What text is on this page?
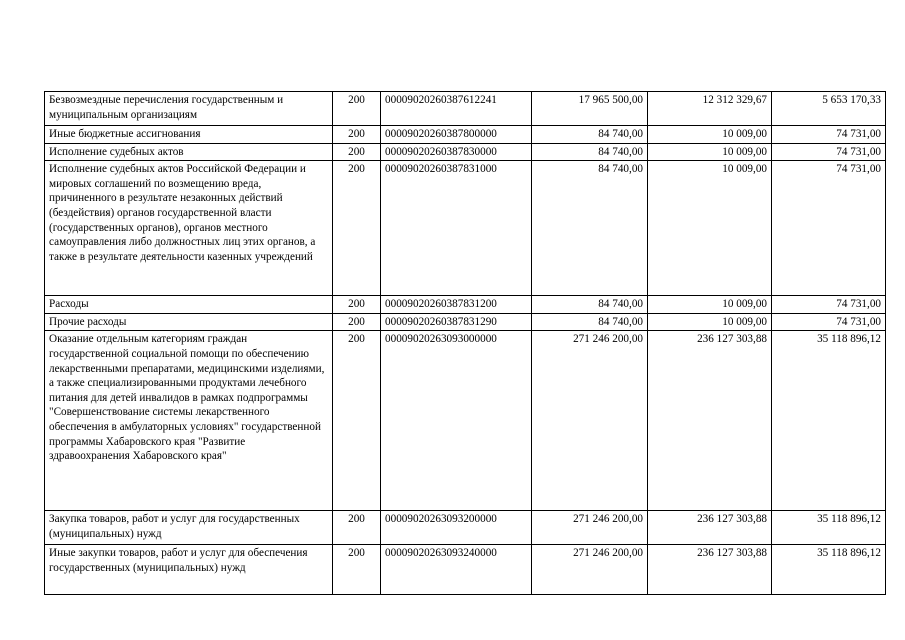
Безвозмездные перечисления государственным и муниципальным организациям	200	00009020260387612241	17 965 500,00	12 312 329,67	5 653 170,33
Иные бюджетные ассигнования	200	00009020260387800000	84 740,00	10 009,00	74 731,00
Исполнение судебных актов	200	00009020260387830000	84 740,00	10 009,00	74 731,00
Исполнение судебных актов Российской Федерации и мировых соглашений по возмещению вреда, причиненного в результате незаконных действий (бездействия) органов государственной власти (государственных органов), органов местного самоуправления либо должностных лиц этих органов, а также в результате деятельности казенных учреждений	200	00009020260387831000	84 740,00	10 009,00	74 731,00
Расходы	200	00009020260387831200	84 740,00	10 009,00	74 731,00
Прочие расходы	200	00009020260387831290	84 740,00	10 009,00	74 731,00
Оказание отдельным категориям граждан государственной социальной помощи по обеспечению лекарственными препаратами, медицинскими изделиями, а также специализированными продуктами лечебного питания для детей инвалидов в рамках подпрограммы "Совершенствование системы лекарственного обеспечения в амбулаторных условиях" государственной программы Хабаровского края "Развитие здравоохранения Хабаровского края"	200	00009020263093000000	271 246 200,00	236 127 303,88	35 118 896,12
Закупка товаров, работ и услуг для государственных (муниципальных) нужд	200	00009020263093200000	271 246 200,00	236 127 303,88	35 118 896,12
Иные закупки товаров, работ и услуг для обеспечения государственных (муниципальных) нужд	200	00009020263093240000	271 246 200,00	236 127 303,88	35 118 896,12
